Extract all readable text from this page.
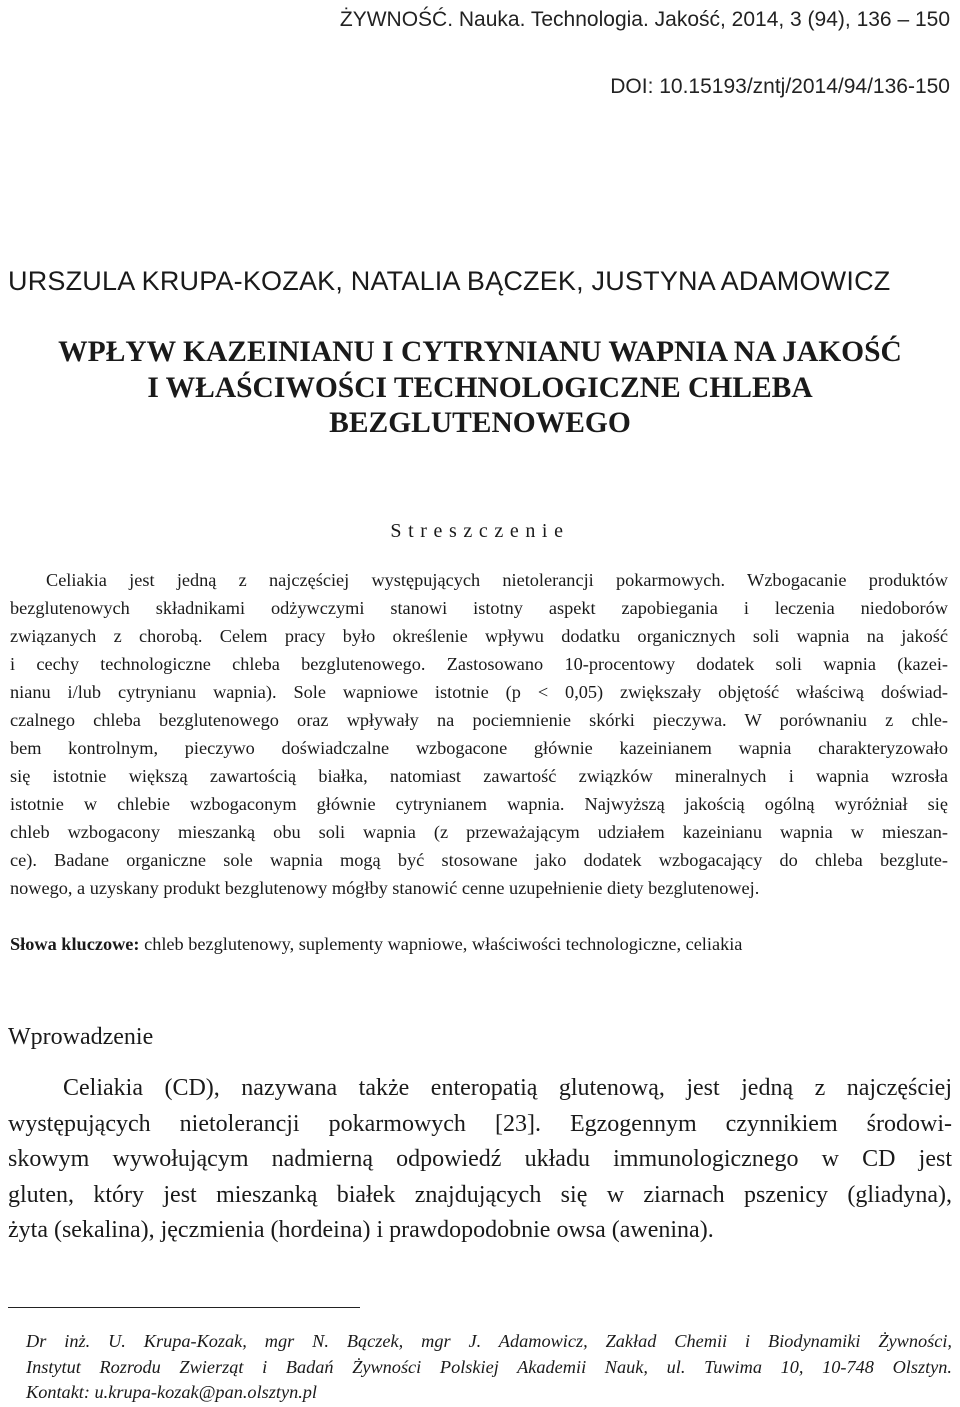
ŻYWNOŚĆ. Nauka. Technologia. Jakość, 2014, 3 (94), 136 – 150
DOI: 10.15193/zntj/2014/94/136-150
URSZULA KRUPA-KOZAK, NATALIA BĄCZEK, JUSTYNA ADAMOWICZ
WPŁYW KAZEINIANU I CYTRYNIANU WAPNIA NA JAKOŚĆ
I WŁAŚCIWOŚCI TECHNOLOGICZNE CHLEBA
BEZGLUTENOWEGO
Streszczenie
Celiakia jest jedną z najczęściej występujących nietolerancji pokarmowych. Wzbogacanie produktów
bezglutenowych składnikami odżywczymi stanowi istotny aspekt zapobiegania i leczenia niedoborów
związanych z chorobą. Celem pracy było określenie wpływu dodatku organicznych soli wapnia na jakość
i cechy technologiczne chleba bezglutenowego. Zastosowano 10-procentowy dodatek soli wapnia (kazei-
nianu i/lub cytrynianu wapnia). Sole wapniowe istotnie (p < 0,05) zwiększały objętość właściwą doświad-
czalnego chleba bezglutenowego oraz wpływały na pociemnienie skórki pieczywa. W porównaniu z chle-
bem kontrolnym, pieczywo doświadczalne wzbogacone głównie kazeinianem wapnia charakteryzowało
się istotnie większą zawartością białka, natomiast zawartość związków mineralnych i wapnia wzrosła
istotnie w chlebie wzbogaconym głównie cytrynianem wapnia. Najwyższą jakością ogólną wyróżniał się
chleb wzbogacony mieszanką obu soli wapnia (z przeważającym udziałem kazeinianu wapnia w mieszan-
ce). Badane organiczne sole wapnia mogą być stosowane jako dodatek wzbogacający do chleba bezglute-
nowego, a uzyskany produkt bezglutenowy mógłby stanowić cenne uzupełnienie diety bezglutenowej.
Słowa kluczowe: chleb bezglutenowy, suplementy wapniowe, właściwości technologiczne, celiakia
Wprowadzenie
Celiakia (CD), nazywana także enteropatią glutenową, jest jedną z najczęściej
występujących nietolerancji pokarmowych [23]. Egzogennym czynnikiem środowi-
skowym wywołującym nadmierną odpowiedź układu immunologicznego w CD jest
gluten, który jest mieszanką białek znajdujących się w ziarnach pszenicy (gliadyna),
żyta (sekalina), jęczmienia (hordeina) i prawdopodobnie owsa (awenina).
Dr inż. U. Krupa-Kozak, mgr N. Bączek, mgr J. Adamowicz, Zakład Chemii i Biodynamiki Żywności,
Instytut Rozrodu Zwierząt i Badań Żywności Polskiej Akademii Nauk, ul. Tuwima 10, 10-748 Olsztyn.
Kontakt: u.krupa-kozak@pan.olsztyn.pl
